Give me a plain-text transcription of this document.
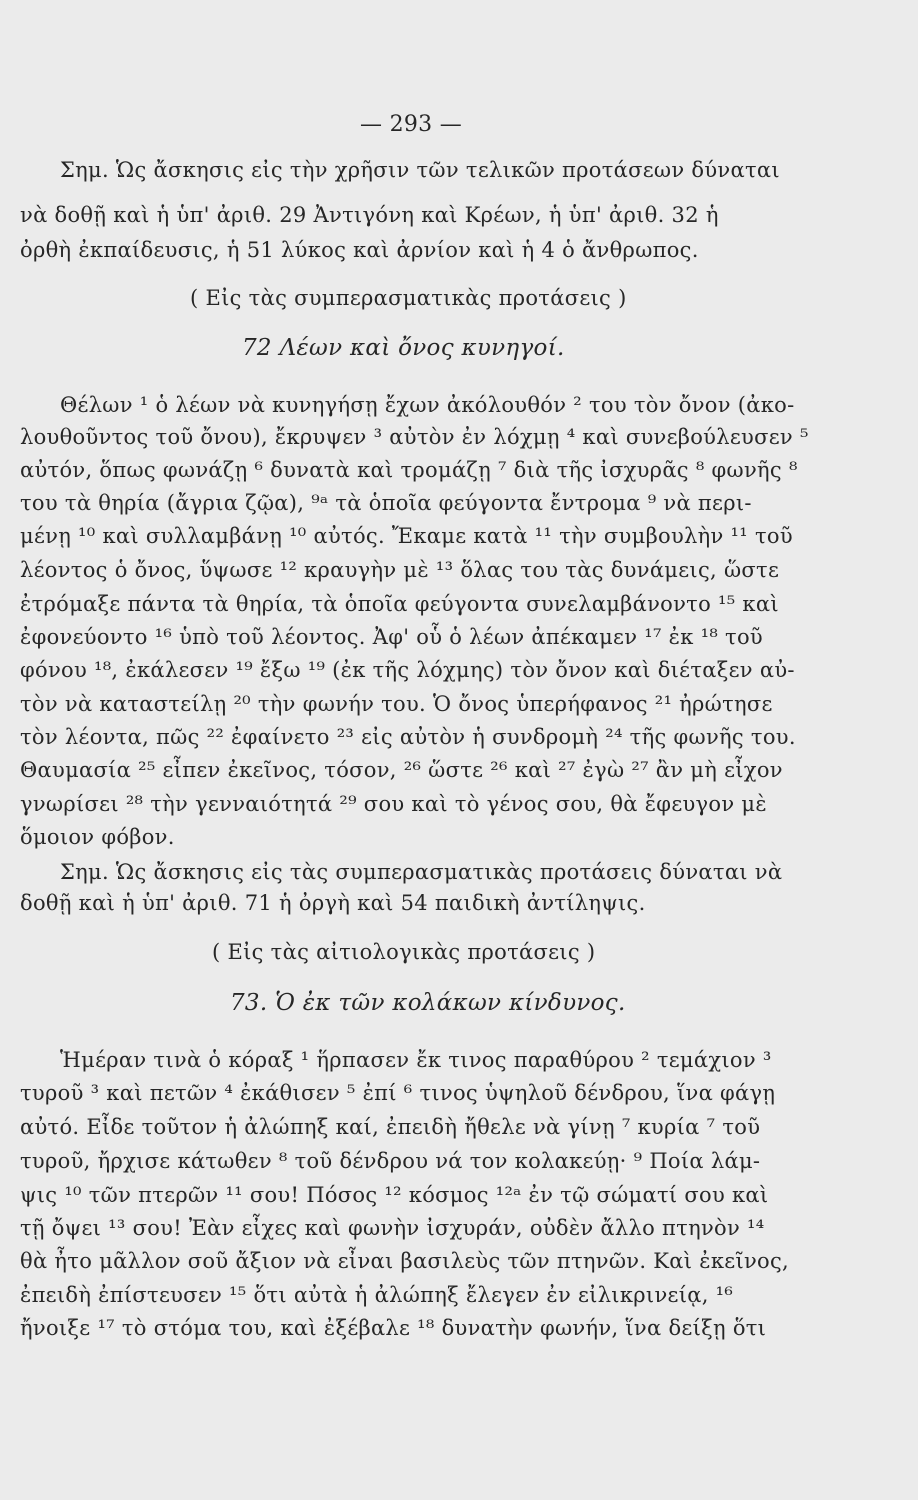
— 293 —
Σημ. Ὡς ἄσκησις εἰς τὴν χρῆσιν τῶν τελικῶν προτάσεων δύναται
νὰ δοθῇ καὶ ἡ ὑπ' ἀριθ. 29 Ἀντιγόνη καὶ Κρέων, ἡ ὑπ' ἀριθ. 32 ἡ
ὀρθὴ ἐκπαίδευσις, ἡ 51 λύκος καὶ ἀρνίον καὶ ἡ 4 ὁ ἄνθρωπος.
( Εἰς τὰς συμπερασματικὰς προτάσεις )
72 Λέων καὶ ὄνος κυνηγοί.
Θέλων ¹ ὁ λέων νὰ κυνηγήσῃ ἔχων ἀκόλουθόν ² του τὸν ὄνον (ἀκο-
λουθοῦντος τοῦ ὄνου), ἔκρυψεν ³ αὐτὸν ἐν λόχμῃ ⁴ καὶ συνεβούλευσεν ⁵
αὐτόν, ὅπως φωνάζῃ ⁶ δυνατὰ καὶ τρομάζῃ ⁷ διὰ τῆς ἰσχυρᾶς ⁸ φωνῆς ⁸
του τὰ θηρία (ἄγρια ζῷα), ⁹ᵃ τὰ ὁποῖα φεύγοντα ἔντρομα ⁹ νὰ περι-
μένῃ ¹⁰ καὶ συλλαμβάνῃ ¹⁰ αὐτός. Ἔκαμε κατὰ ¹¹ τὴν συμβουλὴν ¹¹ τοῦ
λέοντος ὁ ὄνος, ὕψωσε ¹² κραυγὴν μὲ ¹³ ὅλας του τὰς δυνάμεις, ὥστε
ἐτρόμαξε πάντα τὰ θηρία, τὰ ὁποῖα φεύγοντα συνελαμβάνοντο ¹⁵ καὶ
ἐφονεύοντο ¹⁶ ὑπὸ τοῦ λέοντος. Ἀφ' οὗ ὁ λέων ἀπέκαμεν ¹⁷ ἐκ ¹⁸ τοῦ
φόνου ¹⁸, ἐκάλεσεν ¹⁹ ἔξω ¹⁹ (ἐκ τῆς λόχμης) τὸν ὄνον καὶ διέταξεν αὐ-
τὸν νὰ καταστείλῃ ²⁰ τὴν φωνήν του. Ὁ ὄνος ὑπερήφανος ²¹ ἠρώτησε
τὸν λέοντα, πῶς ²² ἐφαίνετο ²³ εἰς αὐτὸν ἡ συνδρομὴ ²⁴ τῆς φωνῆς του.
Θαυμασία ²⁵ εἶπεν ἐκεῖνος, τόσον, ²⁶ ὥστε ²⁶ καὶ ²⁷ ἐγὼ ²⁷ ἂν μὴ εἶχον
γνωρίσει ²⁸ τὴν γενναιότητά ²⁹ σου καὶ τὸ γένος σου, θὰ ἔφευγον μὲ
ὅμοιον φόβον.
Σημ. Ὡς ἄσκησις εἰς τὰς συμπερασματικὰς προτάσεις δύναται νὰ
δοθῇ καὶ ἡ ὑπ' ἀριθ. 71 ἡ ὀργὴ καὶ 54 παιδικὴ ἀντίληψις.
( Εἰς τὰς αἰτιολογικὰς προτάσεις )
73. Ὁ ἐκ τῶν κολάκων κίνδυνος.
Ἡμέραν τινὰ ὁ κόραξ ¹ ἥρπασεν ἔκ τινος παραθύρου ² τεμάχιον ³
τυροῦ ³ καὶ πετῶν ⁴ ἐκάθισεν ⁵ ἐπί ⁶ τινος ὑψηλοῦ δένδρου, ἵνα φάγῃ
αὐτό. Εἶδε τοῦτον ἡ ἀλώπηξ καί, ἐπειδὴ ἤθελε νὰ γίνῃ ⁷ κυρία ⁷ τοῦ
τυροῦ, ἤρχισε κάτωθεν ⁸ τοῦ δένδρου νά τον κολακεύῃ· ⁹ Ποία λάμ-
ψις ¹⁰ τῶν πτερῶν ¹¹ σου! Πόσος ¹² κόσμος ¹²ᵃ ἐν τῷ σώματί σου καὶ
τῇ ὄψει ¹³ σου! Ἐὰν εἶχες καὶ φωνὴν ἰσχυράν, οὐδὲν ἄλλο πτηνὸν ¹⁴
θὰ ἦτο μᾶλλον σοῦ ἄξιον νὰ εἶναι βασιλεὺς τῶν πτηνῶν. Καὶ ἐκεῖνος,
ἐπειδὴ ἐπίστευσεν ¹⁵ ὅτι αὐτὰ ἡ ἀλώπηξ ἔλεγεν ἐν εἰλικρινείᾳ, ¹⁶
ἤνοιξε ¹⁷ τὸ στόμα του, καὶ ἐξέβαλε ¹⁸ δυνατὴν φωνήν, ἵνα δείξῃ ὅτι
